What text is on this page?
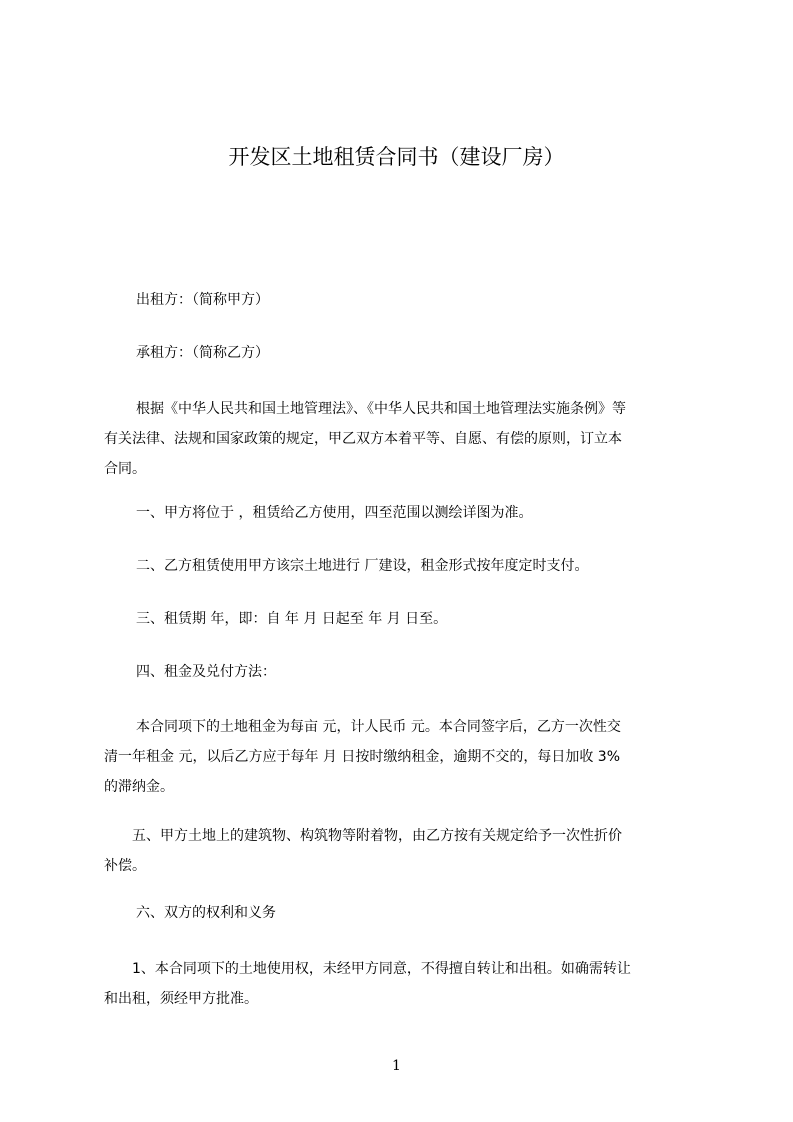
开发区土地租赁合同书（建设厂房）
出租方：（简称甲方）
承租方：（简称乙方）
根据《中华人民共和国土地管理法》、《中华人民共和国土地管理法实施条例》等
有关法律、法规和国家政策的规定，甲乙双方本着平等、自愿、有偿的原则，订立本
合同。
一、甲方将位于 ，租赁给乙方使用，四至范围以测绘详图为准。
二、乙方租赁使用甲方该宗土地进行 厂建设，租金形式按年度定时支付。
三、租赁期 年，即：自 年 月 日起至 年 月 日至。
四、租金及兑付方法：
本合同项下的土地租金为每亩 元，计人民币 元。本合同签字后，乙方一次性交
清一年租金 元，以后乙方应于每年 月 日按时缴纳租金，逾期不交的，每日加收 3%
的滞纳金。
五、甲方土地上的建筑物、构筑物等附着物，由乙方按有关规定给予一次性折价
补偿。
六、双方的权利和义务
1、本合同项下的土地使用权，未经甲方同意，不得擅自转让和出租。如确需转让
和出租，须经甲方批准。
1
